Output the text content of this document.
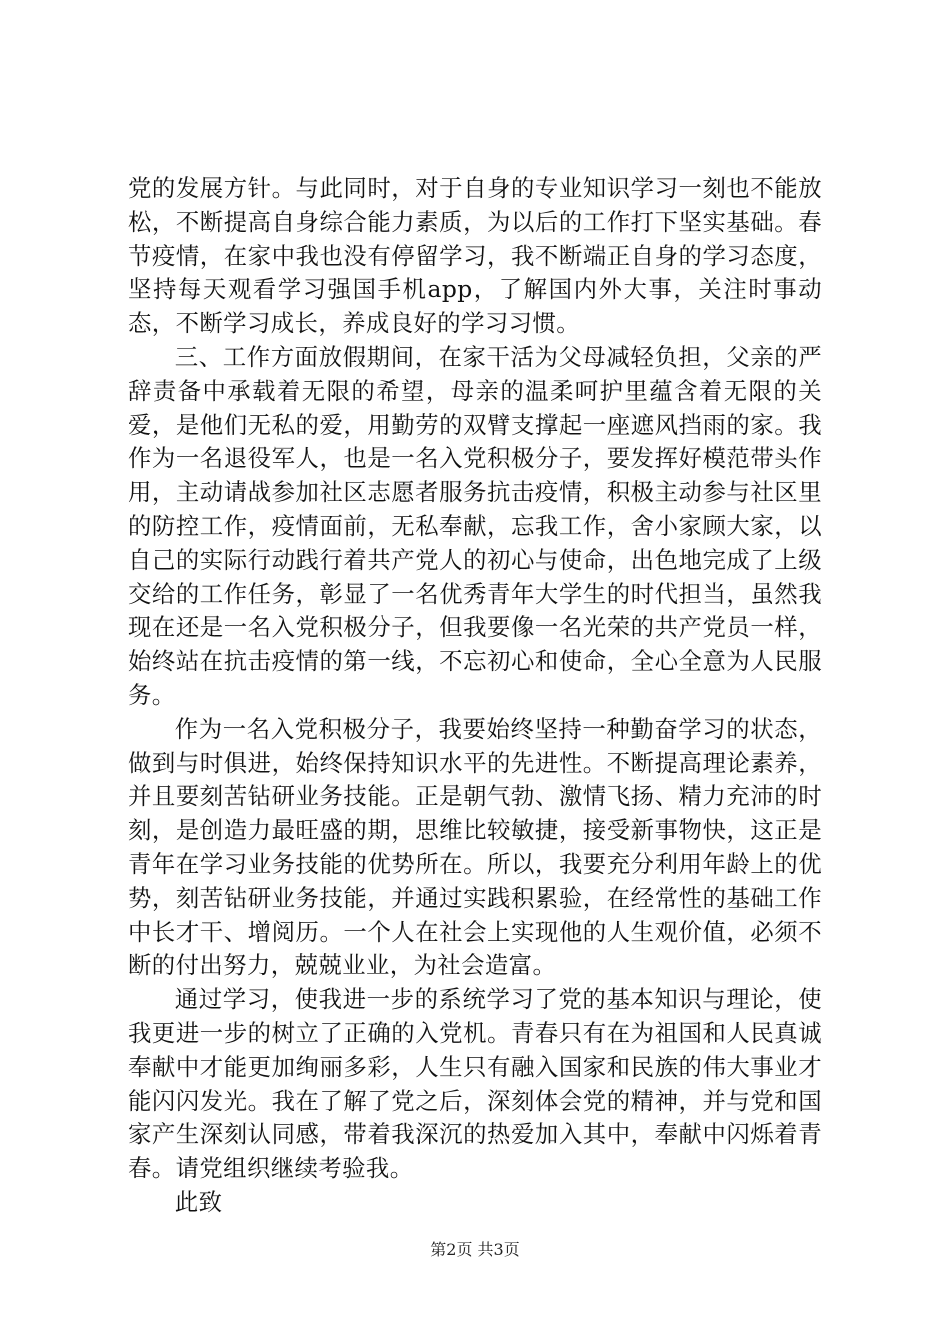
党的发展方针。与此同时，对于自身的专业知识学习一刻也不能放松，不断提高自身综合能力素质，为以后的工作打下坚实基础。春节疫情，在家中我也没有停留学习，我不断端正自身的学习态度，坚持每天观看学习强国手机app，了解国内外大事，关注时事动态，不断学习成长，养成良好的学习习惯。

三、工作方面放假期间，在家干活为父母减轻负担，父亲的严辞责备中承载着无限的希望，母亲的温柔呵护里蕴含着无限的关爱，是他们无私的爱，用勤劳的双臂支撑起一座遮风挡雨的家。我作为一名退役军人，也是一名入党积极分子，要发挥好模范带头作用，主动请战参加社区志愿者服务抗击疫情，积极主动参与社区里的防控工作，疫情面前，无私奉献，忘我工作，舍小家顾大家，以自己的实际行动践行着共产党人的初心与使命，出色地完成了上级交给的工作任务，彰显了一名优秀青年大学生的时代担当，虽然我现在还是一名入党积极分子，但我要像一名光荣的共产党员一样，始终站在抗击疫情的第一线，不忘初心和使命，全心全意为人民服务。

作为一名入党积极分子，我要始终坚持一种勤奋学习的状态，做到与时俱进，始终保持知识水平的先进性。不断提高理论素养，并且要刻苦钻研业务技能。正是朝气勃、激情飞扬、精力充沛的时刻，是创造力最旺盛的期，思维比较敏捷，接受新事物快，这正是青年在学习业务技能的优势所在。所以，我要充分利用年龄上的优势，刻苦钻研业务技能，并通过实践积累验，在经常性的基础工作中长才干、增阅历。一个人在社会上实现他的人生观价值，必须不断的付出努力，兢兢业业，为社会造富。

通过学习，使我进一步的系统学习了党的基本知识与理论，使我更进一步的树立了正确的入党机。青春只有在为祖国和人民真诚奉献中才能更加绚丽多彩，人生只有融入国家和民族的伟大事业才能闪闪发光。我在了解了党之后，深刻体会党的精神，并与党和国家产生深刻认同感，带着我深沉的热爱加入其中，奉献中闪烁着青春。请党组织继续考验我。

此致

第2页 共3页
